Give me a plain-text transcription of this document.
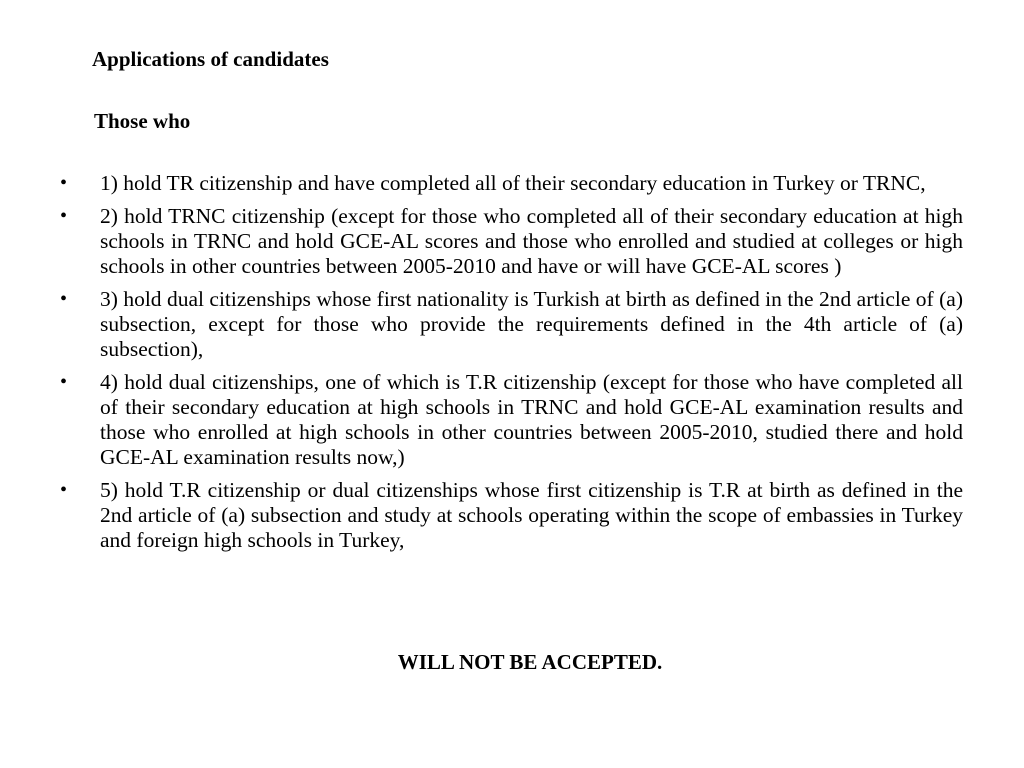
Applications of candidates
Those who
• 1) hold TR citizenship and have completed all of their secondary education in Turkey or TRNC,
• 2) hold TRNC citizenship (except for those who completed all of their secondary education at high schools in TRNC and hold GCE-AL scores and those who enrolled and studied at colleges or high schools in other countries between 2005-2010 and have or will have GCE-AL scores )
• 3) hold dual citizenships whose first nationality is Turkish at birth as defined in the 2nd article of (a) subsection, except for those who provide the requirements defined in the 4th article of (a) subsection),
• 4) hold dual citizenships, one of which is T.R citizenship (except for those who have completed all of their secondary education at high schools in TRNC and hold GCE-AL examination results and those who enrolled at high schools in other countries between 2005-2010, studied there and hold GCE-AL examination results now,)
• 5) hold T.R citizenship or dual citizenships whose first citizenship is T.R at birth as defined in the 2nd article of (a) subsection and study at schools operating within the scope of embassies in Turkey and foreign high schools in Turkey,

WILL NOT BE ACCEPTED.
